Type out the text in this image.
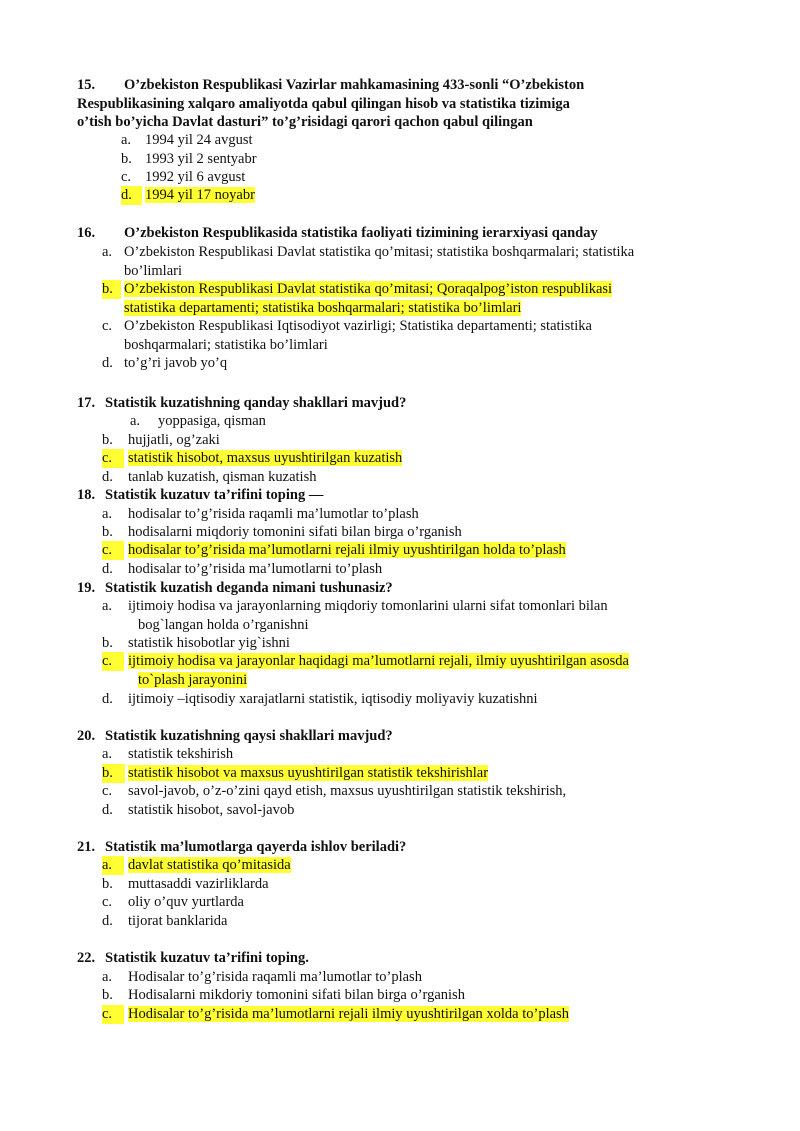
15. O’zbekiston Respublikasi Vazirlar mahkamasining 433-sonli “O’zbekiston
Respublikasining xalqaro amaliyotda qabul qilingan hisob va statistika tizimiga
o’tish bo’yicha Davlat dasturi” to’g’risidagi qarori qachon qabul qilingan
a. 1994 yil 24 avgust
b. 1993 yil 2 sentyabr
c. 1992 yil 6 avgust
d. 1994 yil 17 noyabr
16. O’zbekiston Respublikasida statistika faoliyati tizimining ierarxiyasi qanday
a. O’zbekiston Respublikasi Davlat statistika qo’mitasi; statistika boshqarmalari; statistika
bo’limlari
b. O’zbekiston Respublikasi Davlat statistika qo’mitasi; Qoraqalpog’iston respublikasi
statistika departamenti; statistika boshqarmalari; statistika bo’limlari
c. O’zbekiston Respublikasi Iqtisodiyot vazirligi; Statistika departamenti; statistika
boshqarmalari; statistika bo’limlari
d. to’g’ri javob yo’q
17. Statistik kuzatishning qanday shakllari mavjud?
a.	yoppasiga, qisman
b.	hujjatli, og’zaki
c.	statistik hisobot, maxsus uyushtirilgan kuzatish
d.	tanlab kuzatish, qisman kuzatish
18. Statistik kuzatuv ta’rifini toping —
a.	hodisalar to’g’risida raqamli ma’lumotlar to’plash
b.	hodisalarni miqdoriy tomonini sifati bilan birga o’rganish
c.	hodisalar to’g’risida ma’lumotlarni rejali ilmiy uyushtirilgan holda to’plash
d.	hodisalar to’g’risida ma’lumotlarni to’plash
19. Statistik kuzatish deganda nimani tushunasiz?
a.	ijtimoiy hodisa va jarayonlarning miqdoriy tomonlarini ularni sifat tomonlari bilan
bog`langan holda o’rganishni
b.	statistik hisobotlar yig`ishni
c.	ijtimoiy hodisa va jarayonlar haqidagi ma’lumotlarni rejali, ilmiy uyushtirilgan asosda
to`plash jarayonini
d.	ijtimoiy –iqtisodiy xarajatlarni statistik, iqtisodiy moliyaviy kuzatishni
20. Statistik kuzatishning qaysi shakllari mavjud?
a.	statistik tekshirish
b.	statistik hisobot va maxsus uyushtirilgan statistik tekshirishlar
c.	savol-javob, o’z-o’zini qayd etish, maxsus uyushtirilgan statistik tekshirish,
d.	statistik hisobot, savol-javob
21. Statistik ma’lumotlarga qayerda ishlov beriladi?
a.	davlat statistika qo’mitasida
b.	muttasaddi vazirliklarda
c.	oliy o’quv yurtlarda
d.	tijorat banklarida
22. Statistik kuzatuv ta’rifini toping.
a.	Hodisalar to’g’risida raqamli ma’lumotlar to’plash
b.	Hodisalarni mikdoriy tomonini sifati bilan birga o’rganish
c.	Hodisalar to’g’risida ma’lumotlarni rejali ilmiy uyushtirilgan xolda to’plash
